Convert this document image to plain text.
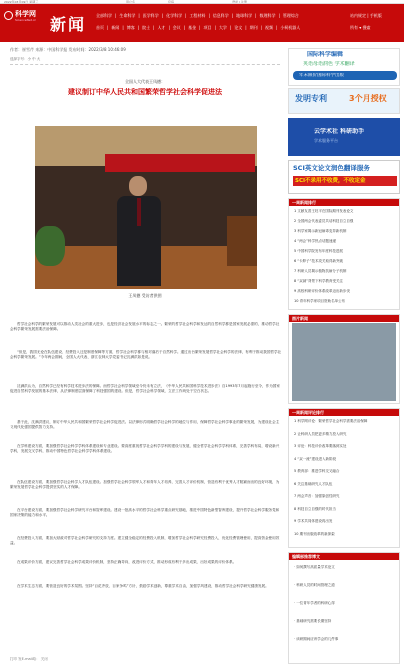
2022年03月09日 星期三	用户名	密码	登录 | 注册
科学网
ScienceNet.cn 新闻 全部科学 | 生命科学 | 医学科学 | 化学科学 | 工程材料 | 信息科学 | 地球科学 | 数理科学 | 管理综合
首页 | 新闻 | 博客 | 院士 | 人才 | 会议 | 基金 | 项目 | 大学 | 论文 | 期刊 | 视频 | 小柯机器人
站内规定 | 手机版
所有 ▾ 搜索
作者：崔雪芹 来源：中国科学报 发布时间：2022/3/8 10:46:09
选择字号：小 中 大
全国人大代表王凤德：
建议制订中华人民共和国繁荣哲学社会科学促进法
王凤德 受访者供图
哲学社会科学的繁荣发展可以推动人类社会的重大进步，也是经济社会发展水平的标志之一。繁荣的哲学社会科学和发达的自然科学都是国家发展必需的，推动哲学社会科学繁荣发展需要法治保障。
“但是，我国无论在队伍建设、经费投入还是制度保障等方面，哲学社会科学都与相对落后于自然科学。通过出台繁荣发展哲学社会科学的法律，有利于推动我国哲学社会科学繁荣发展。”今年两会期间，全国人大代表、浙江农林大学党委书记沈满洪如是说。
沈满洪认为，自然科学已经有科学技术进步法的保障。而哲学社会科学领域至今仍未有立法，《中华人民共和国科学技术进步法》自1993年7月起施行至今，作为国家促进自然科学发展的基本法律，从法律制度层面保障了科技强国的建设。但是，哲学社会科学领域，立法工作尚处于空白状态。
基于此，沈满洪建议，制订中华人民共和国繁荣哲学社会科学促进法。以法律形式明确哲学社会科学的地位与作用，保障哲学社会科学事业的繁荣发展，为建设社会主义现代化强国提供智力支持。
在学科建设方面，要加强哲学社会科学学科体系建设和专业建设。要高度重视哲学社会科学学科的建设与发展，健全哲学社会科学学科体系，完善学科布局，增设新兴学科，发展交叉学科，推动中国特色哲学社会科学学科体系建设。
在队伍建设方面，要加强哲学社会科学人才队伍建设。加强哲学社会科学领军人才和青年人才培养，完善人才评价机制，营造有利于优秀人才脱颖而出的良好环境，为繁荣发展哲学社会科学提供坚实的人才保障。
在平台建设方面，要加强哲学社会科学研究平台和智库建设。建设一批高水平的哲学社会科学重点研究基地，推进中国特色新型智库建设，提升哲学社会科学服务党和国家决策的能力和水平。
在经费投入方面，要加大财政对哲学社会科学研究的支持力度。建立健全稳定的经费投入机制，增加哲学社会科学研究经费投入，优化经费管理使用，提高资金使用效益。
在成果评价方面，建议完善哲学社会科学成果评价机制，坚持正确导向，改进评价方式，推动形成有利于多出成果、出好成果的评价体系。
在学术生态方面，要营造良好的学术氛围。坚持“百花齐放、百家争鸣”方针，鼓励学术创新，尊重学术自由，加强学风建设，推动哲学社会科学研究健康发展。
国际科学编辑
英语母语润色 学术翻译
年末限价国际科学出版
发明专利	3个月授权
云学术社 科研助手
学术服务平台
SCI英文论文润色翻译服务
SCI不录用不收费，不收定金
一周新闻排行
1 文献友善王旺平在国际期刊发表论文
2 全国两会代表委员共话科技自立自强
3 科学家揭示新冠病毒变异新机制
4 “两会”科学热点话题速递
5 中国科学院发布年度科技进展
6 “卡脖子”技术攻关取得新突破
7 科研人员揭示植物抗病分子机制
8 “双减”背景下科学教育受关注
9 高校科研评价体系改革迈出新步伐
10 青年科学家项目资助名单公布
图片新闻
一周新闻评论排行
1 科学网评论：繁荣哲学社会科学需要法治保障
2 让科研人员把更多精力投入研究
3 评论：科技评价改革要落到实处
4 “双一流”建设进入新阶段
5 教育部：推进学科交叉融合
6 关注基础研究人才队伍
7 两会声音：加强原创性研究
8 科技自立自强的时代担当
9 学术共同体建设再出发
10 期刊出版改革的新探索
编辑部推荐博文
· 如何撰写高质量学术论文
· 科研人员的时间管理之道
· 一位青年学者的科研心得
· 基础研究需要长期坚持
· 读研期间应该学会的几件事
打印 发E-mail给： 关闭
